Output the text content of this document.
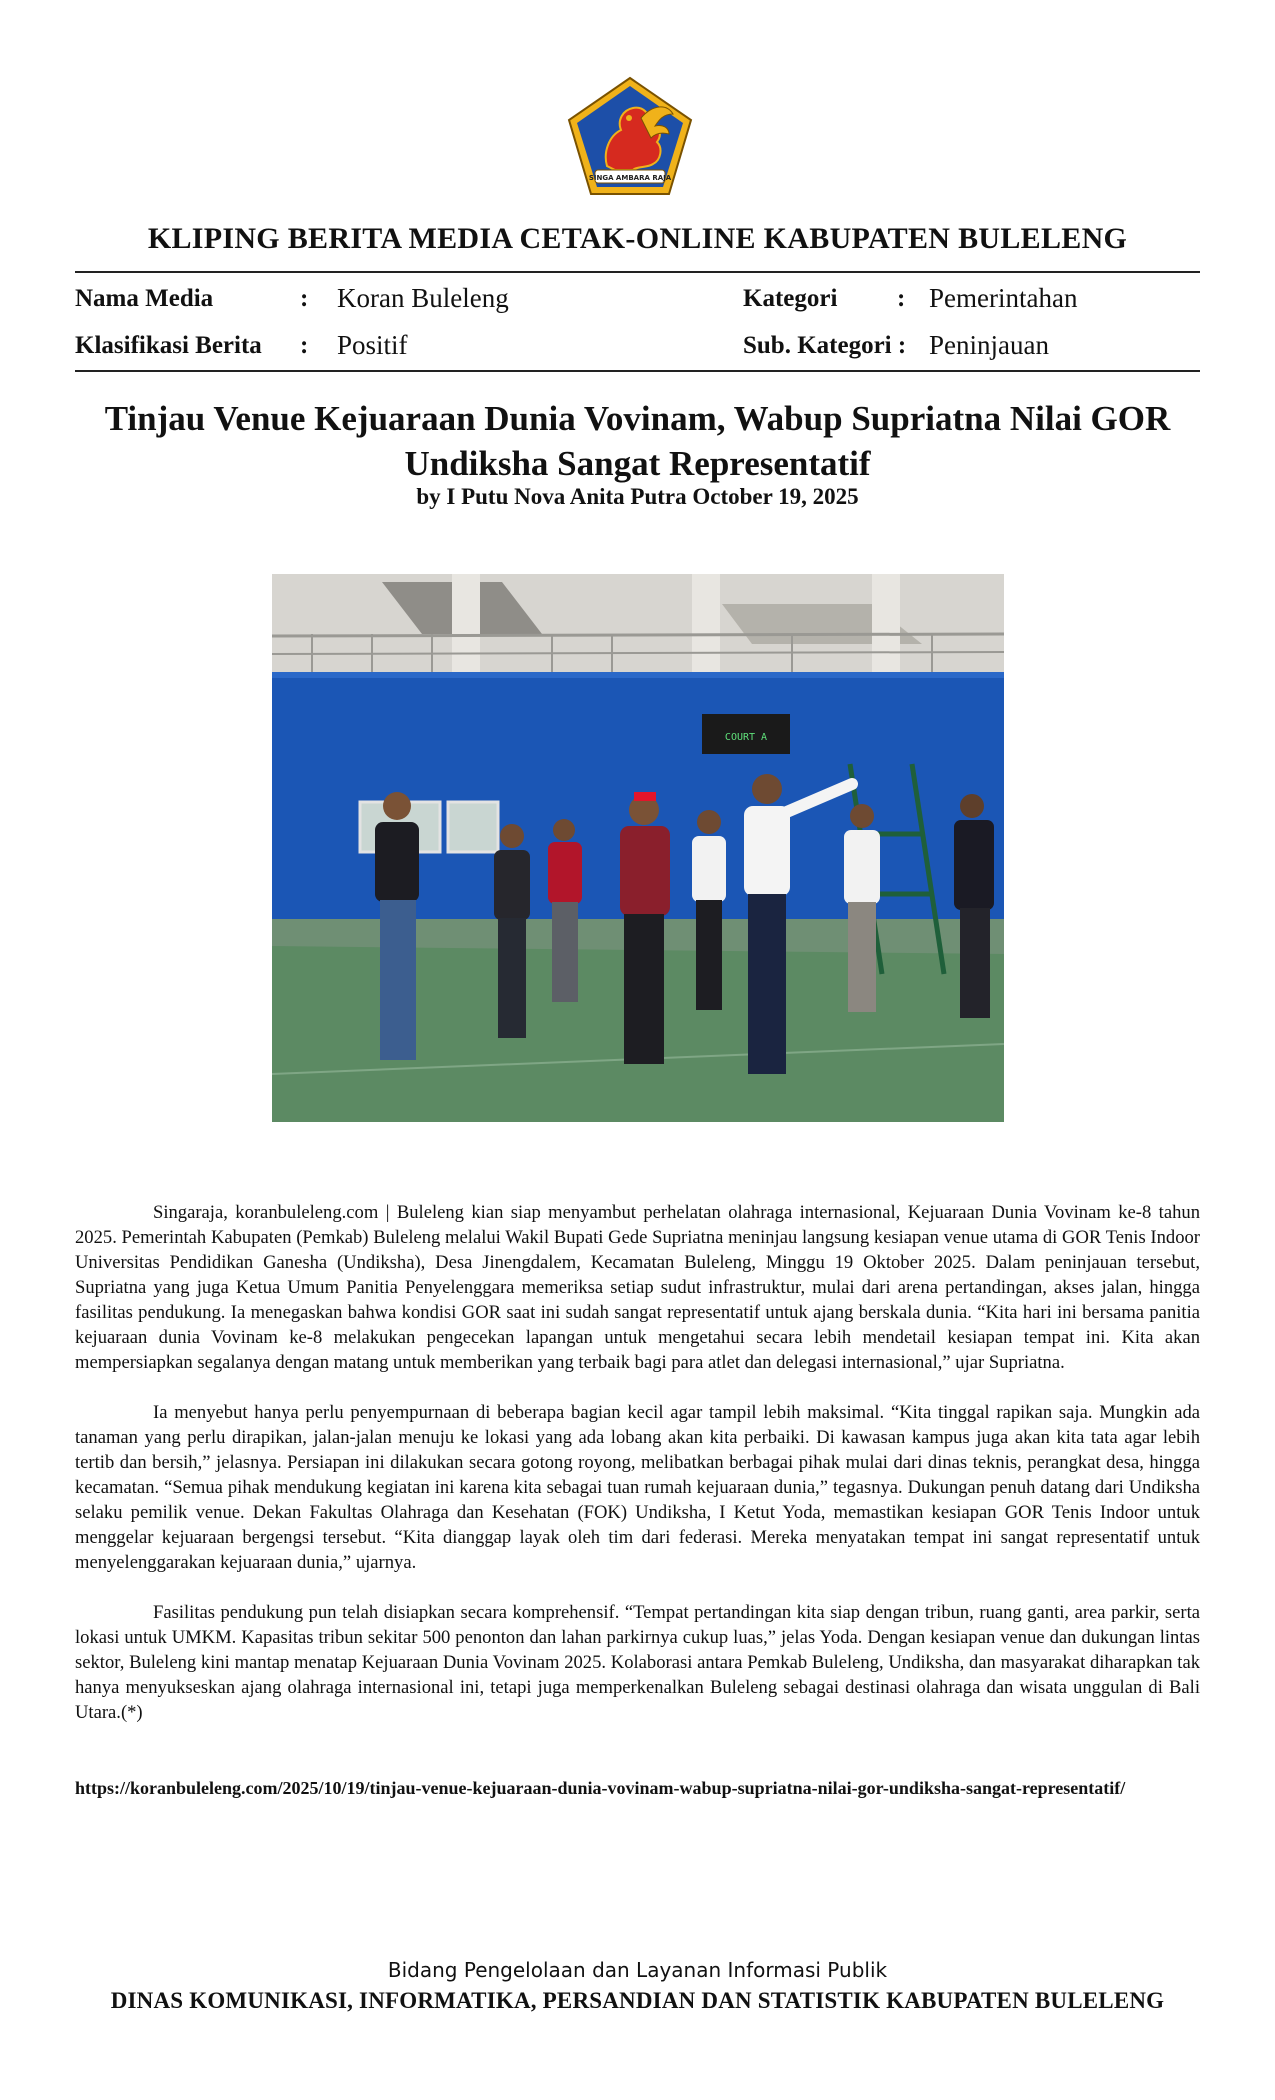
SINGA AMBARA RAJA
KLIPING BERITA MEDIA CETAK-ONLINE KABUPATEN BULELENG
Nama Media	: Koran Buleleng
Klasifikasi Berita : Positif
Kategori : Pemerintahan
Sub. Kategori : Peninjauan
Tinjau Venue Kejuaraan Dunia Vovinam, Wabup Supriatna Nilai GOR Undiksha Sangat Representatif
by I Putu Nova Anita Putra October 19, 2025
COURT A

Singaraja, koranbuleleng.com | Buleleng kian siap menyambut perhelatan olahraga internasional, Kejuaraan Dunia Vovinam ke-8 tahun 2025. Pemerintah Kabupaten (Pemkab) Buleleng melalui Wakil Bupati Gede Supriatna meninjau langsung kesiapan venue utama di GOR Tenis Indoor Universitas Pendidikan Ganesha (Undiksha), Desa Jinengdalem, Kecamatan Buleleng, Minggu 19 Oktober 2025. Dalam peninjauan tersebut, Supriatna yang juga Ketua Umum Panitia Penyelenggara memeriksa setiap sudut infrastruktur, mulai dari arena pertandingan, akses jalan, hingga fasilitas pendukung. Ia menegaskan bahwa kondisi GOR saat ini sudah sangat representatif untuk ajang berskala dunia. “Kita hari ini bersama panitia kejuaraan dunia Vovinam ke-8 melakukan pengecekan lapangan untuk mengetahui secara lebih mendetail kesiapan tempat ini. Kita akan mempersiapkan segalanya dengan matang untuk memberikan yang terbaik bagi para atlet dan delegasi internasional,” ujar Supriatna.

Ia menyebut hanya perlu penyempurnaan di beberapa bagian kecil agar tampil lebih maksimal. “Kita tinggal rapikan saja. Mungkin ada tanaman yang perlu dirapikan, jalan-jalan menuju ke lokasi yang ada lobang akan kita perbaiki. Di kawasan kampus juga akan kita tata agar lebih tertib dan bersih,” jelasnya. Persiapan ini dilakukan secara gotong royong, melibatkan berbagai pihak mulai dari dinas teknis, perangkat desa, hingga kecamatan. “Semua pihak mendukung kegiatan ini karena kita sebagai tuan rumah kejuaraan dunia,” tegasnya. Dukungan penuh datang dari Undiksha selaku pemilik venue. Dekan Fakultas Olahraga dan Kesehatan (FOK) Undiksha, I Ketut Yoda, memastikan kesiapan GOR Tenis Indoor untuk menggelar kejuaraan bergengsi tersebut. “Kita dianggap layak oleh tim dari federasi. Mereka menyatakan tempat ini sangat representatif untuk menyelenggarakan kejuaraan dunia,” ujarnya.

Fasilitas pendukung pun telah disiapkan secara komprehensif. “Tempat pertandingan kita siap dengan tribun, ruang ganti, area parkir, serta lokasi untuk UMKM. Kapasitas tribun sekitar 500 penonton dan lahan parkirnya cukup luas,” jelas Yoda. Dengan kesiapan venue dan dukungan lintas sektor, Buleleng kini mantap menatap Kejuaraan Dunia Vovinam 2025. Kolaborasi antara Pemkab Buleleng, Undiksha, dan masyarakat diharapkan tak hanya menyukseskan ajang olahraga internasional ini, tetapi juga memperkenalkan Buleleng sebagai destinasi olahraga dan wisata unggulan di Bali Utara.(*)

https://koranbuleleng.com/2025/10/19/tinjau-venue-kejuaraan-dunia-vovinam-wabup-supriatna-nilai-gor-undiksha-sangat-representatif/
Bidang Pengelolaan dan Layanan Informasi Publik
DINAS KOMUNIKASI, INFORMATIKA, PERSANDIAN DAN STATISTIK KABUPATEN BULELENG
